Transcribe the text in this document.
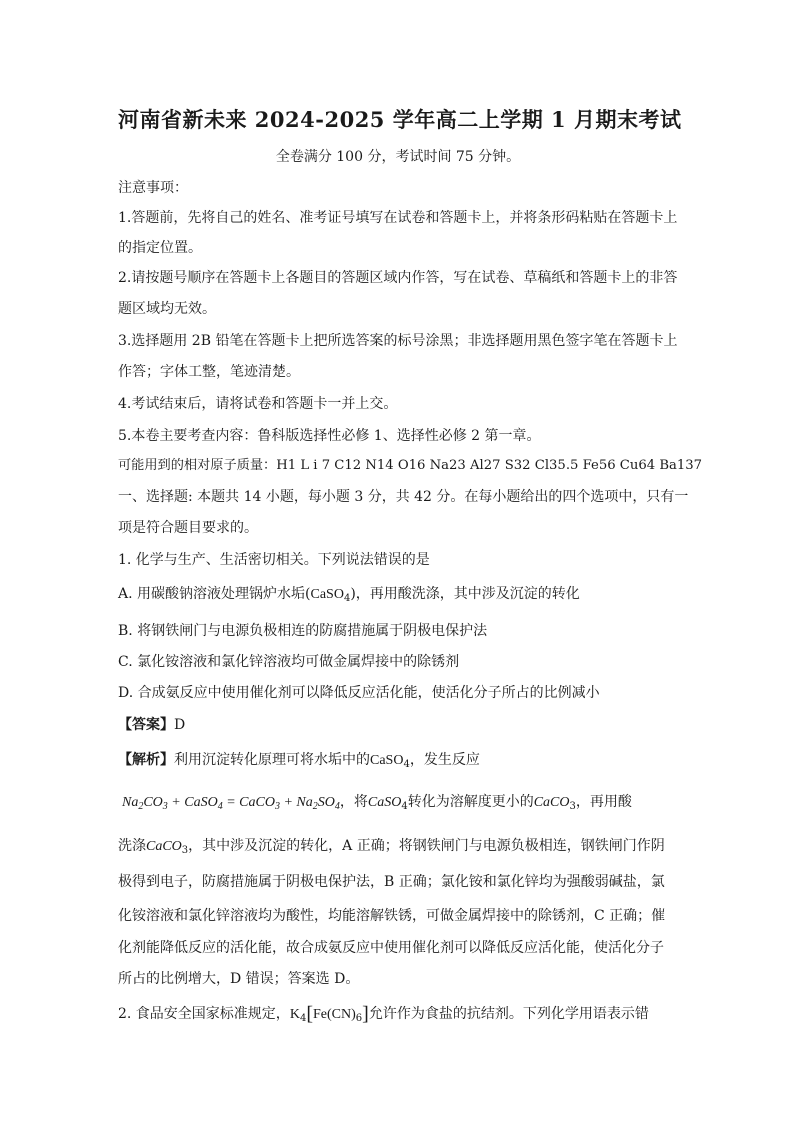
河南省新未来 2024-2025 学年高二上学期 1 月期末考试
全卷满分 100 分，考试时间 75 分钟。
注意事项：
1.答题前，先将自己的姓名、准考证号填写在试卷和答题卡上，并将条形码粘贴在答题卡上
的指定位置。
2.请按题号顺序在答题卡上各题目的答题区域内作答，写在试卷、草稿纸和答题卡上的非答
题区域均无效。
3.选择题用 2B 铅笔在答题卡上把所选答案的标号涂黑；非选择题用黑色签字笔在答题卡上
作答；字体工整，笔迹清楚。
4.考试结束后，请将试卷和答题卡一并上交。
5.本卷主要考查内容：鲁科版选择性必修 1、选择性必修 2 第一章。
可能用到的相对原子质量：H1 L i 7 C12 N14 O16 Na23 Al27 S32 Cl35.5 Fe56 Cu64 Ba137
一、选择题: 本题共 14 小题，每小题 3 分，共 42 分。在每小题给出的四个选项中，只有一
项是符合题目要求的。
1. 化学与生产、生活密切相关。下列说法错误的是
A. 用碳酸钠溶液处理锅炉水垢(CaSO$_4$)，再用酸洗涤，其中涉及沉淀的转化
B. 将钢铁闸门与电源负极相连的防腐措施属于阴极电保护法
C. 氯化铵溶液和氯化锌溶液均可做金属焊接中的除锈剂
D. 合成氨反应中使用催化剂可以降低反应活化能，使活化分子所占的比例减小
【答案】D
【解析】利用沉淀转化原理可将水垢中的CaSO$_4$，发生反应
$Na_2CO_3$ + CaSO$_4$ = CaCO$_3$ + $Na_2SO_4$，将CaSO$_4$转化为溶解度更小的CaCO$_3$，再用酸
洗涤CaCO$_3$，其中涉及沉淀的转化，A 正确；将钢铁闸门与电源负极相连，钢铁闸门作阴
极得到电子，防腐措施属于阴极电保护法，B 正确；氯化铵和氯化锌均为强酸弱碱盐，氯
化铵溶液和氯化锌溶液均为酸性，均能溶解铁锈，可做金属焊接中的除锈剂，C 正确；催
化剂能降低反应的活化能，故合成氨反应中使用催化剂可以降低反应活化能，使活化分子
所占的比例增大，D 错误；答案选 D。
2. 食品安全国家标准规定，$K_4[Fe(CN)_6]$允许作为食盐的抗结剂。下列化学用语表示错
